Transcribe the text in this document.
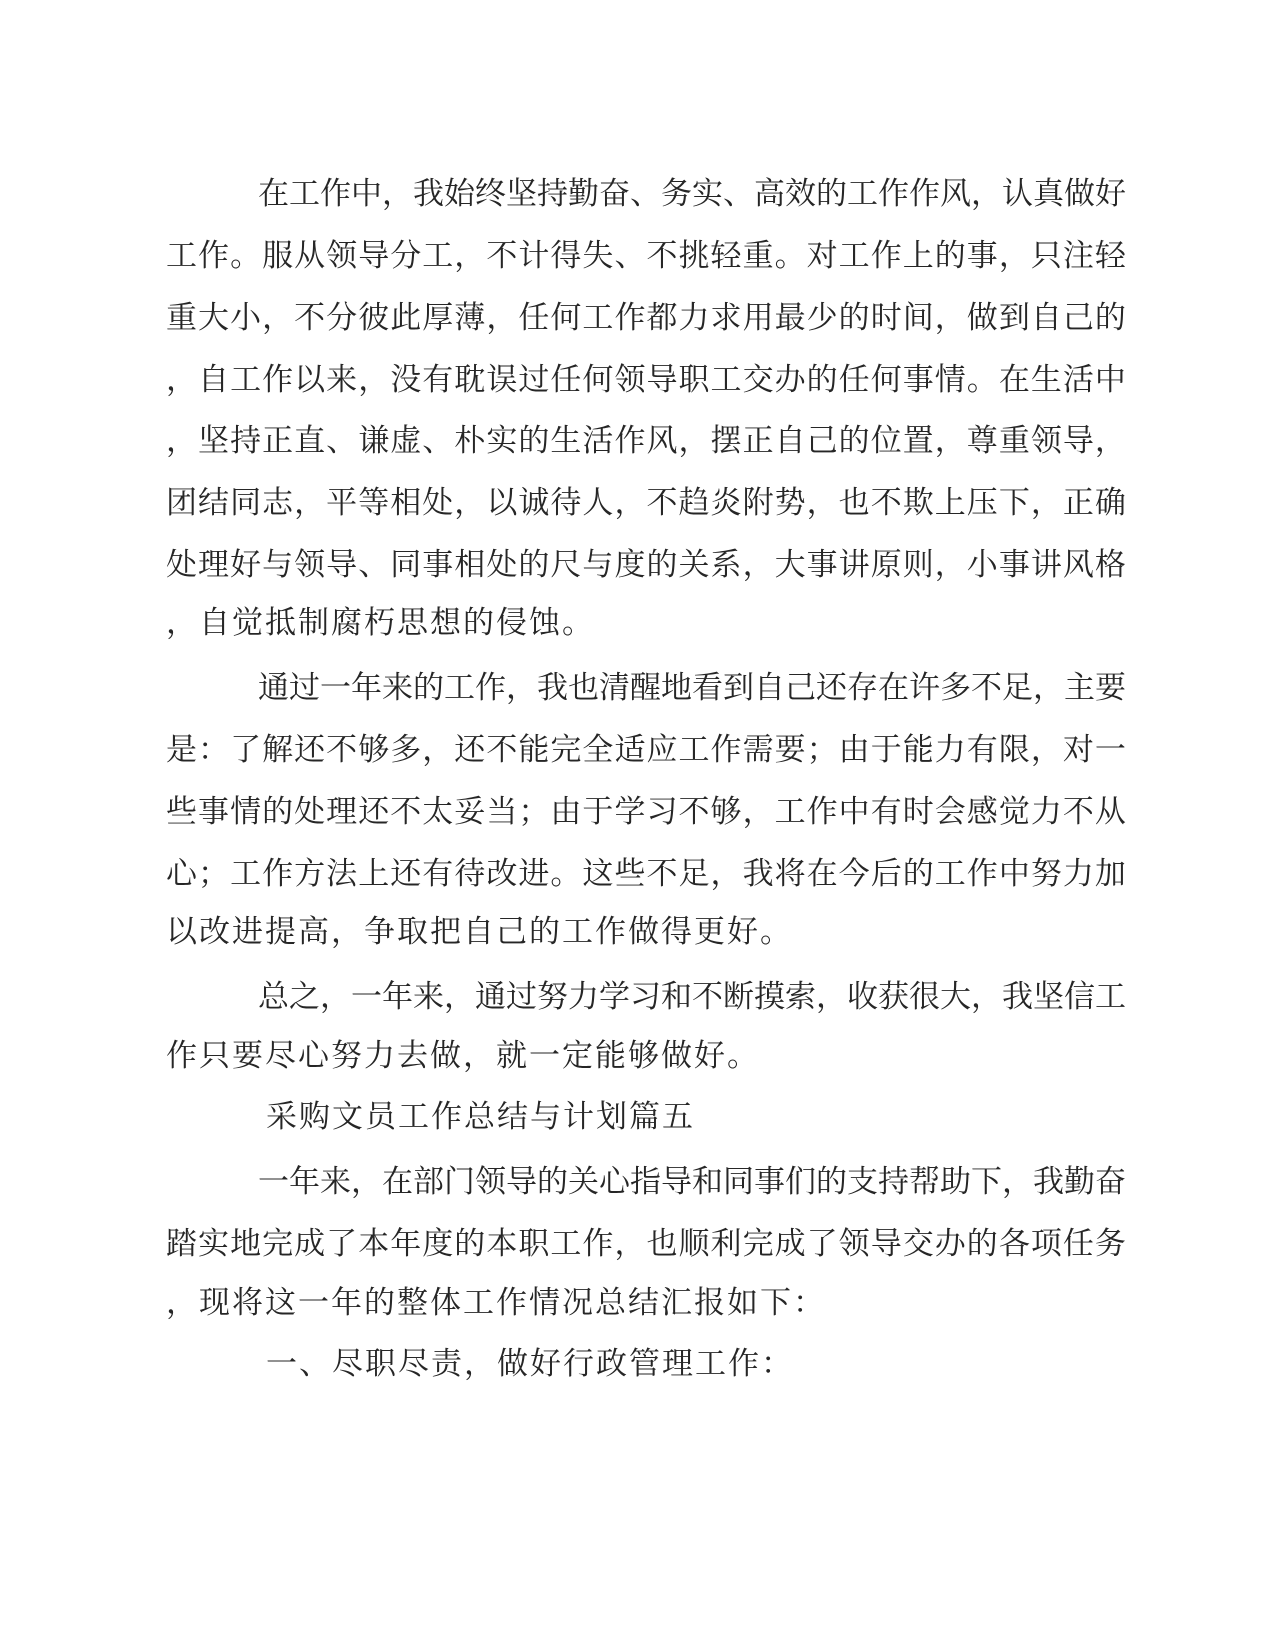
在 工 作 中 ， 我 始 终 坚 持 勤 奋 、 务 实 、 高 效 的 工 作 作 风 ， 认 真 做 好
工 作 。 服 从 领 导 分 工 ， 不 计 得 失 、 不 挑 轻 重 。 对 工 作 上 的 事 ， 只 注 轻
重 大 小 ， 不 分 彼 此 厚 薄 ， 任 何 工 作 都 力 求 用 最 少 的 时 间 ， 做 到 自 己 的
， 自 工 作 以 来 ， 没 有 耽 误 过 任 何 领 导 职 工 交 办 的 任 何 事 情 。 在 生 活 中
， 坚 持 正 直 、 谦 虚 、 朴 实 的 生 活 作 风 ， 摆 正 自 己 的 位 置 ， 尊 重 领 导 ，
团 结 同 志 ， 平 等 相 处 ， 以 诚 待 人 ， 不 趋 炎 附 势 ， 也 不 欺 上 压 下 ， 正 确
处 理 好 与 领 导 、 同 事 相 处 的 尺 与 度 的 关 系 ， 大 事 讲 原 则 ， 小 事 讲 风 格
，自觉抵制腐朽思想的侵蚀。
通 过 一 年 来 的 工 作 ， 我 也 清 醒 地 看 到 自 己 还 存 在 许 多 不 足 ， 主 要
是 ： 了 解 还 不 够 多 ， 还 不 能 完 全 适 应 工 作 需 要 ； 由 于 能 力 有 限 ， 对 一
些 事 情 的 处 理 还 不 太 妥 当 ； 由 于 学 习 不 够 ， 工 作 中 有 时 会 感 觉 力 不 从
心 ； 工 作 方 法 上 还 有 待 改 进 。 这 些 不 足 ， 我 将 在 今 后 的 工 作 中 努 力 加
以改进提高，争取把自己的工作做得更好。
总 之 ， 一 年 来 ， 通 过 努 力 学 习 和 不 断 摸 索 ， 收 获 很 大 ， 我 坚 信 工
作只要尽心努力去做，就一定能够做好。
采购文员工作总结与计划篇五
一 年 来 ， 在 部 门 领 导 的 关 心 指 导 和 同 事 们 的 支 持 帮 助 下 ， 我 勤 奋
踏 实 地 完 成 了 本 年 度 的 本 职 工 作 ， 也 顺 利 完 成 了 领 导 交 办 的 各 项 任 务
，现将这一年的整体工作情况总结汇报如下：
一、尽职尽责，做好行政管理工作：
